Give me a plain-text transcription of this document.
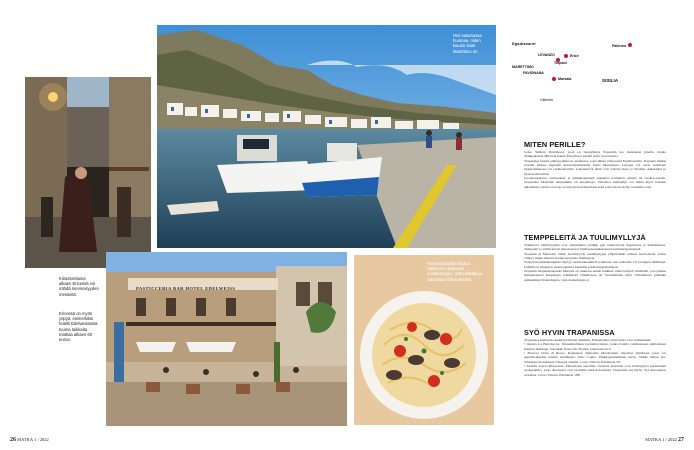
Heti satamassa huomaa, miten kaunis saari Marettimo on.
Kiirastorstaina alkaen Ericessä voi nähdä menneisyyden messeitä.
Ericessä on myös yöpyä, esimerkiksi hotelli Edelweississä tuuma taikkaita matkaa alkaen 60 euroa.
PASTICCERIA BAR HOTEL EDELWEISS
Venusnimpukka kuuluu Välimeren ahkerasti maukkaimpiin. Sitä pastalla ja valmistaa villiä tuoreista.
Egadisaaret	Palermo
LEVANZO	Erice
Trapani
MARETTIMO
FAVIGNANA
Marsala	SISILIA
Välimeri
MITEN PERILLE?

Lento Sisilian Palermoon, josta on bussiyhteys Trapaniin tuo matkustaa junalla, matka Tiahkentsasta Milanon kautta Palermoon kestää parin vuorokautta.

Trapanissa bussin päätepysäkki on satamassa, josta lähtee yhteysalus Egadisaarille. Trapanin lisäksi saarille pääsee myösäm kantosiipialuksella myös Marsalasta. Lippuja voi ostaa satamaan lipputoimistosta tai verkkosivuilta. Lokennoivat ehtät ovat Liberty-lines ja Siremar. Aikataulut ja liput netistä pitää.

Luonnonpuistot, rauisaukset ja pikkukaupungit sukeutua parhaiten omalla tai vuokra-autolla. Trapanista Marsalan kaupunkiin on junayhteys. Vihoittoa matkailija voi tutkia myös bussien aikatauluja, mutta vuoroja on tarjolla harvakseltaan sekä com.bus-in-sicily, trenitalia.com.

TEMPPELEITÄ JA TUULIMYLLYJÄ

Vaikuttava nähtävyyksiä ovat esimerkiksi antiikin gen rauniotaveet Segestassa ja Selinuntessa. Temppelit ja amfiteatterit muodostavat Sisilian kreikkalaisesta kulttuuriperinnöstä.

Trapanin ja Marsalan väliin levittäytyvät tuulimyllyjen ympäröimät valkeat suola-altaat, joissa viihtyy muun muassa luonnonvaraisia flamingoja.

Sicipetton pikkukaupunki täyttyy luonnonkauniista paikoista, sen rannoilla voi loungata delfiinejä. Lähellä on Zingaron luonnonpuisto kauniine patikointipolkuineen.

Trapanin naapurikaupunki Marsala on tunnettu ennen kaikkea väkevöidystä viinistään, jota pääsee maistelemaan kaupungin erinäisissä viinitiloissa tai vierailemalla niitä. Viinitiloissa pidetään esimerkiksi Donnafugata, visit.donnafugata.it

SYÖ HYVIN TRAPANISSA

Trapanissa kannattaa keskittyä meren antimiin. Erinomaisia ravintoloita ovat esimerkiksi:

• Osteria La Bettolaccia. Tunnelmallinen kortteliravintola, jonka listalla valmistetaan sisilialaisen keittiön herkkuja. Suosikki: Pasta alla Norma. labettolaccia.it

• Enoteca Verra di Rosso. Keskustan viikkaalla käveleykatu. Sijaitsee viinibaari, jossa voi aperitiivikeulan nauttia laadukasta. Vino Cogito. Pikkaapanttaminen myös. Viikko Ilman työ. Vinnenne menokseen Vinoppa viinilla. Corso Vittorio Emanuele 59.

• Antichi Sapori Ristorante. Pakaloisten suosima, vieraisia piazzalle ovat levittäytyvä perinteinen ruokapaikka, jossa ainoiseset ovat ruokailla sekä kokonaisia. Trapanille saa myös. Syö kala-annos tuoreista. Corso Vittorio Emanuele 188.

26 MATKA 1 / 2022	MATKA 1 / 2022 27
